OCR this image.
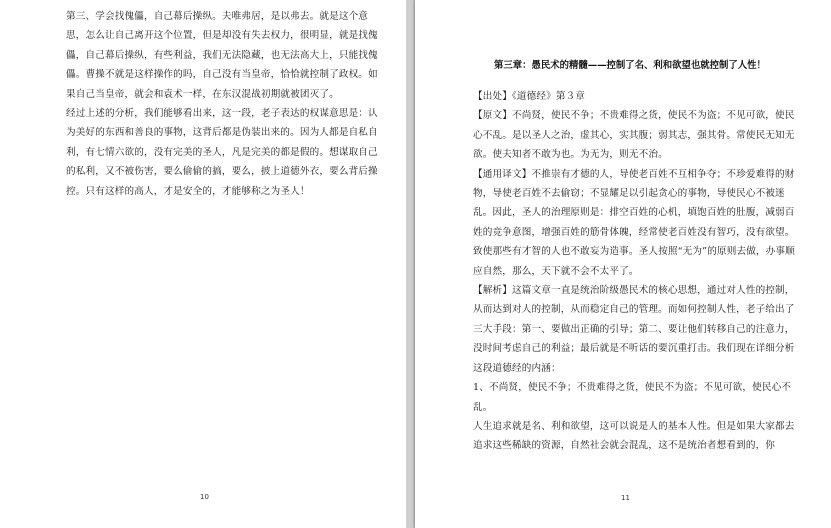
第三、学会找傀儡，自己幕后操纵。夫唯弗居，是以弗去。就是这个意思，怎么让自己离开这个位置，但是却没有失去权力，很明显，就是找傀儡，自己幕后操纵，有些利益，我们无法隐藏，也无法高大上，只能找傀儡。曹操不就是这样操作的吗，自己没有当皇帝，恰恰就控制了政权。如果自己当皇帝，就会和袁术一样，在东汉混战初期就被团灭了。

经过上述的分析，我们能够看出来，这一段，老子表达的权谋意思是：认为美好的东西和善良的事物，这背后都是伪装出来的。因为人都是自私自利，有七情六欲的，没有完美的圣人，凡是完美的都是假的。想谋取自己的私利，又不被伤害，要么偷偷的搞，要么，披上道德外衣，要么背后操控。只有这样的高人，才是安全的，才能够称之为圣人！

10
第三章：愚民术的精髓——控制了名、利和欲望也就控制了人性！

【出处】《道德经》第３章

【原文】不尚贤，使民不争；不贵难得之货，使民不为盗；不见可欲，使民心不乱。是以圣人之治，虚其心，实其腹；弱其志，强其骨。常使民无知无欲。使夫知者不敢为也。为无为，则无不治。

【通用译文】不推崇有才德的人，导使老百姓不互相争夺；不珍爱难得的财物，导使老百姓不去偷窃；不显耀足以引起贪心的事物，导使民心不被迷乱。因此，圣人的治理原则是：排空百姓的心机，填饱百姓的肚腹，减弱百姓的竞争意图，增强百姓的筋骨体魄，经常使老百姓没有智巧，没有欲望。致使那些有才智的人也不敢妄为造事。圣人按照“无为”的原则去做，办事顺应自然，那么，天下就不会不太平了。

【解析】这篇文章一直是统治阶级愚民术的核心思想，通过对人性的控制，从而达到对人的控制，从而稳定自己的管理。而如何控制人性，老子给出了三大手段：第一、要做出正确的引导；第二、要让他们转移自己的注意力，没时间考虑自己的利益；最后就是不听话的要沉重打击。我们现在详细分析这段道德经的内涵：

1、不尚贤，使民不争；不贵难得之货，使民不为盗；不见可欲，使民心不乱。

人生追求就是名、利和欲望，这可以说是人的基本人性。但是如果大家都去追求这些稀缺的资源，自然社会就会混乱，这不是统治者想看到的，你

11
